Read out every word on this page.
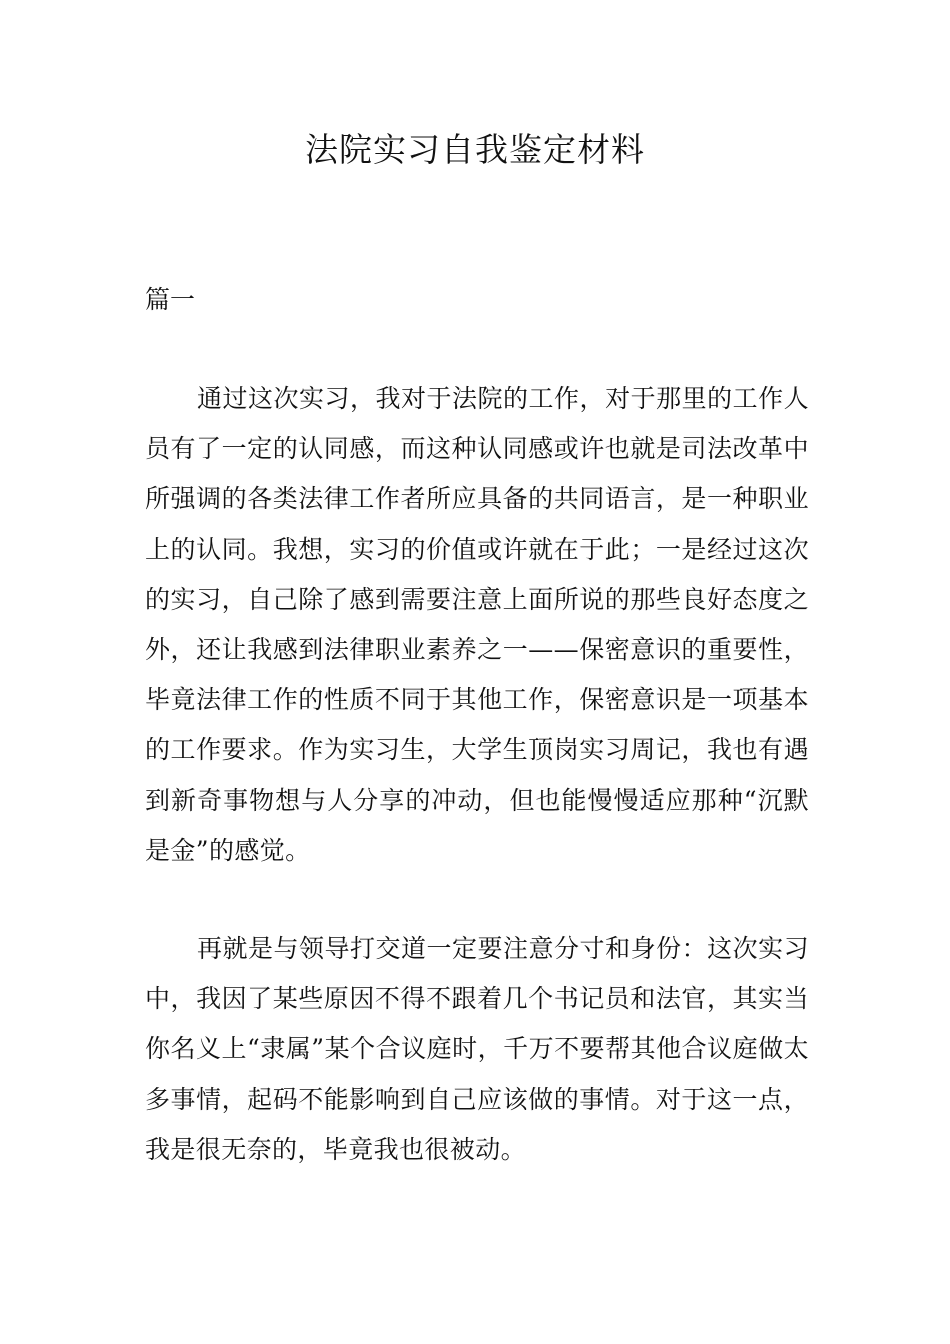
法院实习自我鉴定材料

篇一

通过这次实习，我对于法院的工作，对于那里的工作人员有了一定的认同感，而这种认同感或许也就是司法改革中所强调的各类法律工作者所应具备的共同语言，是一种职业上的认同。我想，实习的价值或许就在于此；一是经过这次的实习，自己除了感到需要注意上面所说的那些良好态度之外，还让我感到法律职业素养之一——保密意识的重要性，毕竟法律工作的性质不同于其他工作，保密意识是一项基本的工作要求。作为实习生，大学生顶岗实习周记，我也有遇到新奇事物想与人分享的冲动，但也能慢慢适应那种“沉默是金”的感觉。

再就是与领导打交道一定要注意分寸和身份：这次实习中，我因了某些原因不得不跟着几个书记员和法官，其实当你名义上“隶属”某个合议庭时，千万不要帮其他合议庭做太多事情，起码不能影响到自己应该做的事情。对于这一点，我是很无奈的，毕竟我也很被动。
